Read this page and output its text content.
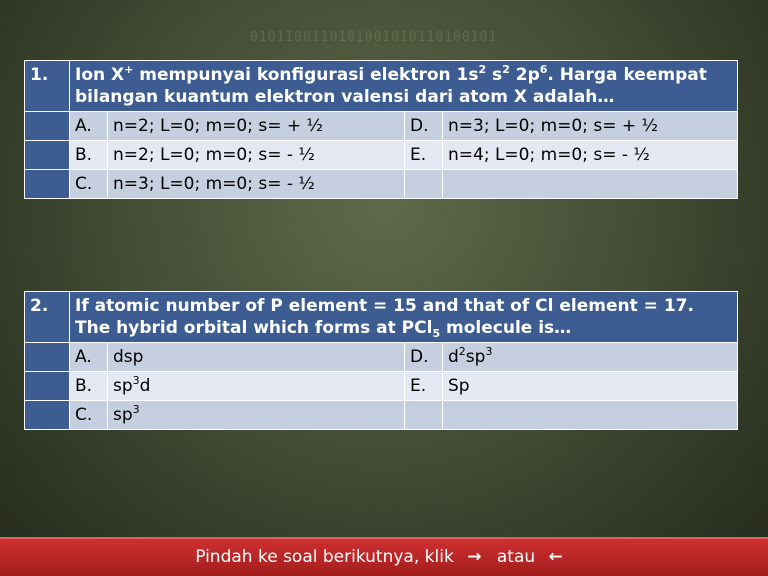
0101100110101001010110100101

1.	Ion X+ mempunyai konfigurasi elektron $1s^2$ $s^2$ $2p^6$. Harga keempat bilangan kuantum elektron valensi dari atom X adalah…			
	A.	n=2; L=0; m=0; s= + ½	D.	n=3; L=0; m=0; s= + ½
	B.	n=2; L=0; m=0; s= - ½	E.	n=4; L=0; m=0; s= - ½
	C.	n=3; L=0; m=0; s= - ½		
2.	If atomic number of P element = 15 and that of Cl element = 17. The hybrid orbital which forms at PCl$_5$ molecule is…			
	A.	dsp	D.	$d^2sp^3$
	B.	$sp^3d$	E.	Sp
	C.	$sp^3$		
Pindah ke soal berikutnya, klik → atau ←
